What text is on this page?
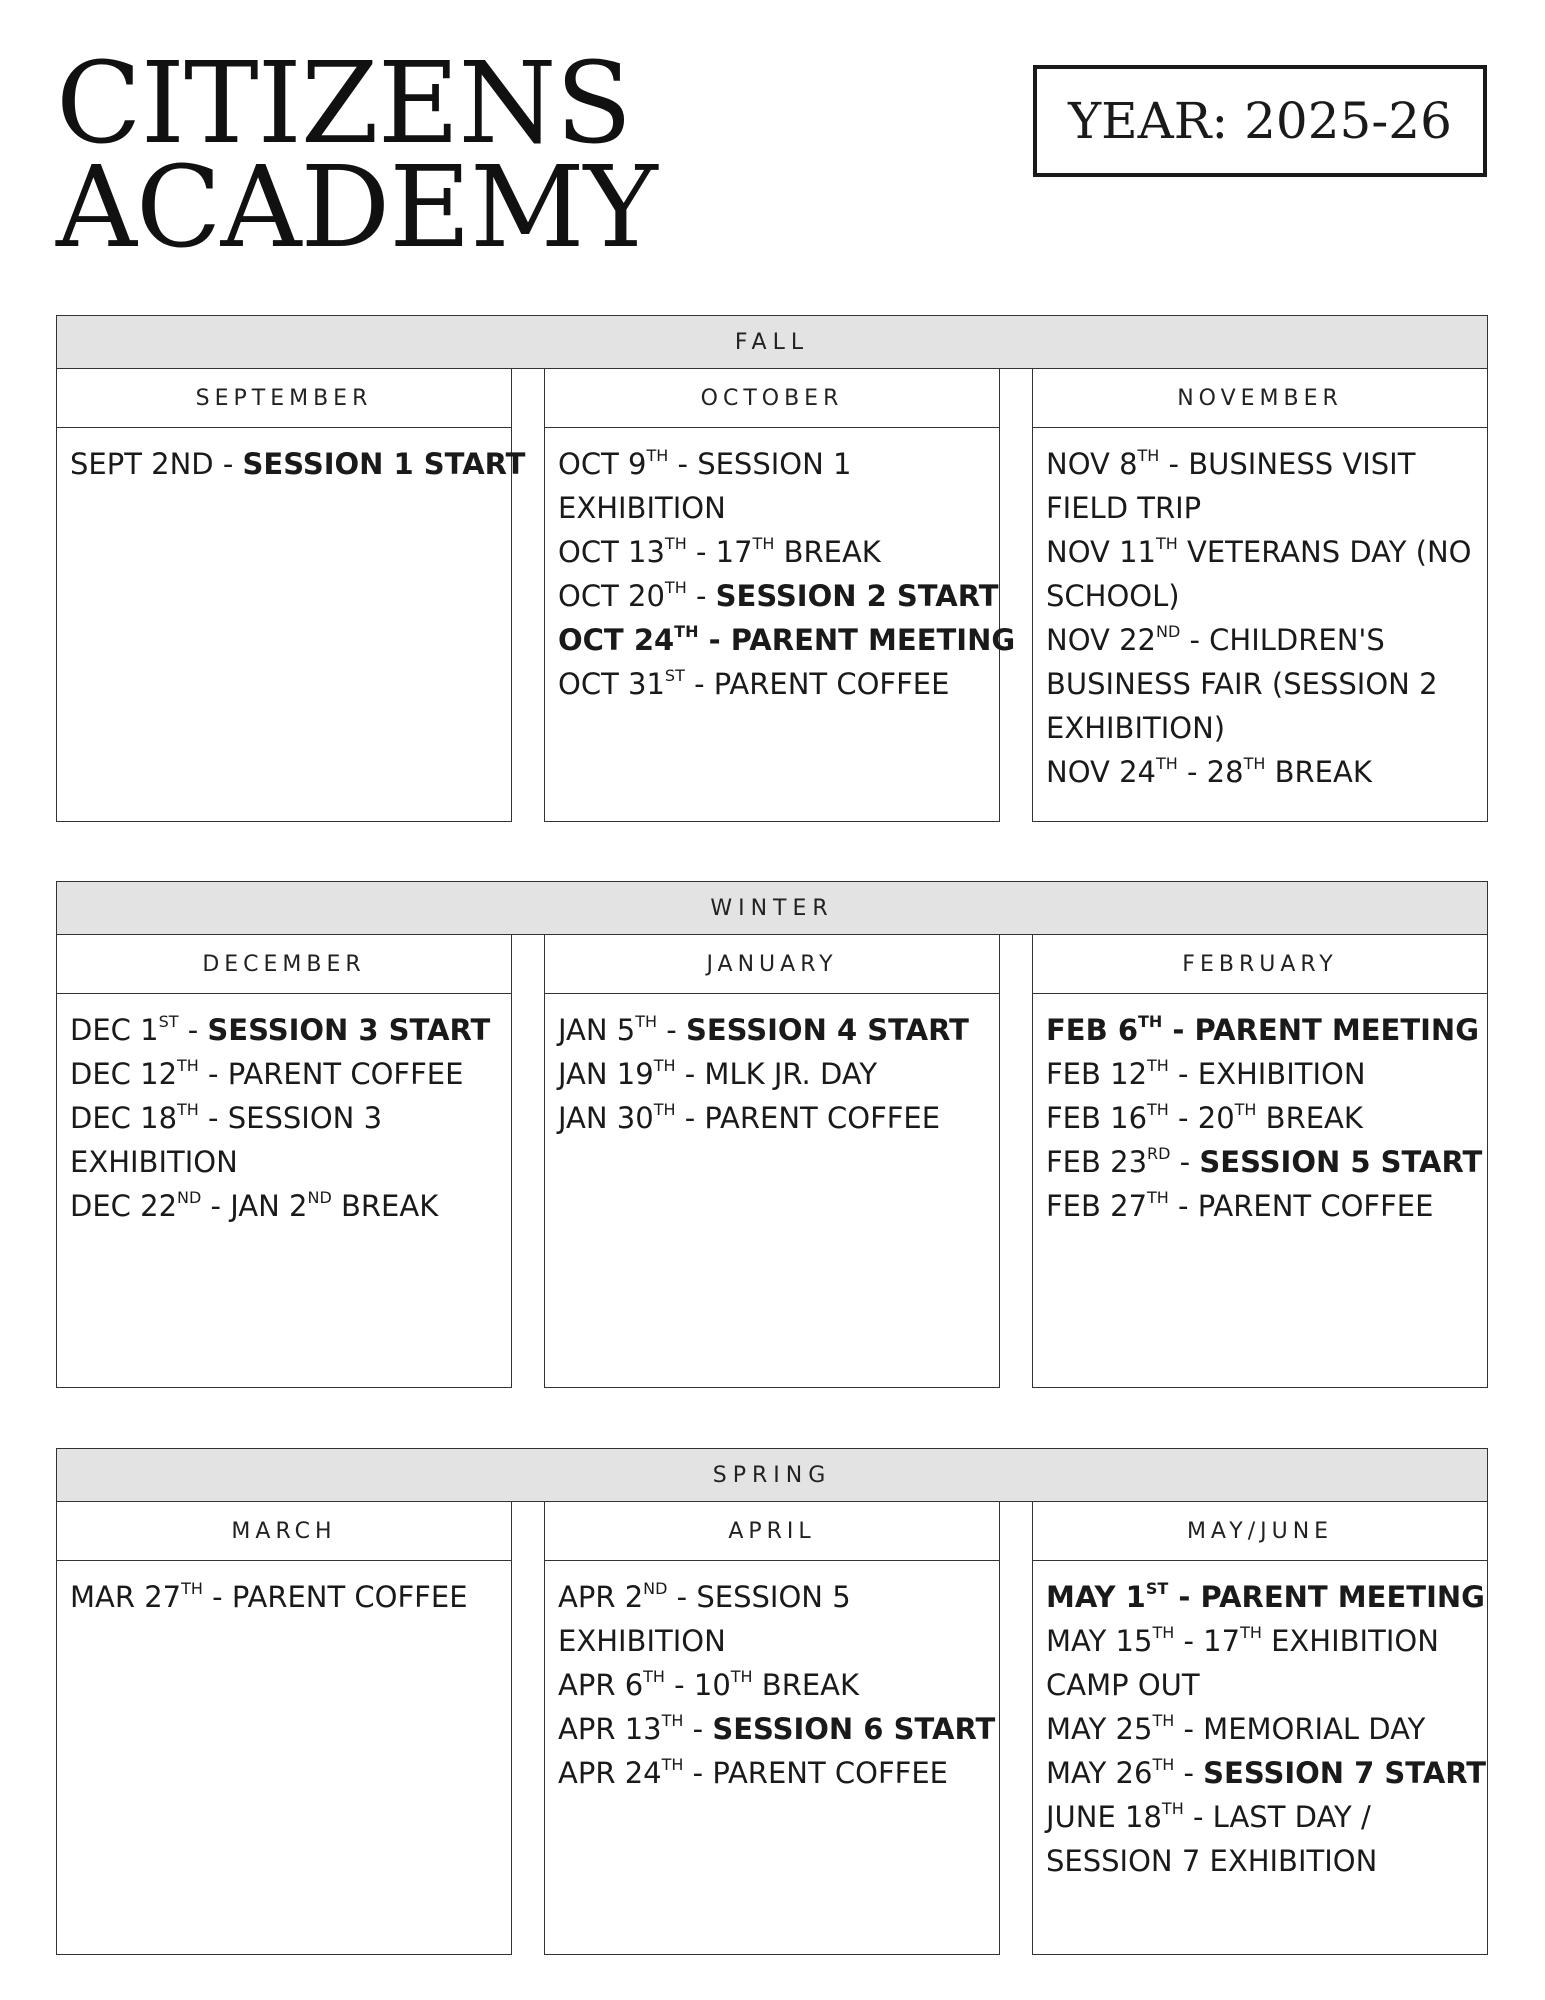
CITIZENS
ACADEMY
YEAR: 2025-26
FALL
SEPTEMBER
SEPT 2ND - SESSION 1 START
OCTOBER
OCT 9TH - SESSION 1 EXHIBITION
OCT 13TH - 17TH BREAK
OCT 20TH - SESSION 2 START
OCT 24TH - PARENT MEETING
OCT 31ST - PARENT COFFEE
NOVEMBER
NOV 8TH - BUSINESS VISIT FIELD TRIP
NOV 11TH VETERANS DAY (NO SCHOOL)
NOV 22ND - CHILDREN'S BUSINESS FAIR (SESSION 2 EXHIBITION)
NOV 24TH - 28TH BREAK
WINTER
DECEMBER
DEC 1ST - SESSION 3 START
DEC 12TH - PARENT COFFEE
DEC 18TH - SESSION 3 EXHIBITION
DEC 22ND - JAN 2ND BREAK
JANUARY
JAN 5TH - SESSION 4 START
JAN 19TH - MLK JR. DAY
JAN 30TH - PARENT COFFEE
FEBRUARY
FEB 6TH - PARENT MEETING
FEB 12TH - EXHIBITION
FEB 16TH - 20TH BREAK
FEB 23RD - SESSION 5 START
FEB 27TH - PARENT COFFEE
SPRING
MARCH
MAR 27TH - PARENT COFFEE
APRIL
APR 2ND - SESSION 5 EXHIBITION
APR 6TH - 10TH BREAK
APR 13TH - SESSION 6 START
APR 24TH - PARENT COFFEE
MAY/JUNE
MAY 1ST - PARENT MEETING
MAY 15TH - 17TH EXHIBITION CAMP OUT
MAY 25TH - MEMORIAL DAY
MAY 26TH - SESSION 7 START
JUNE 18TH - LAST DAY / SESSION 7 EXHIBITION
